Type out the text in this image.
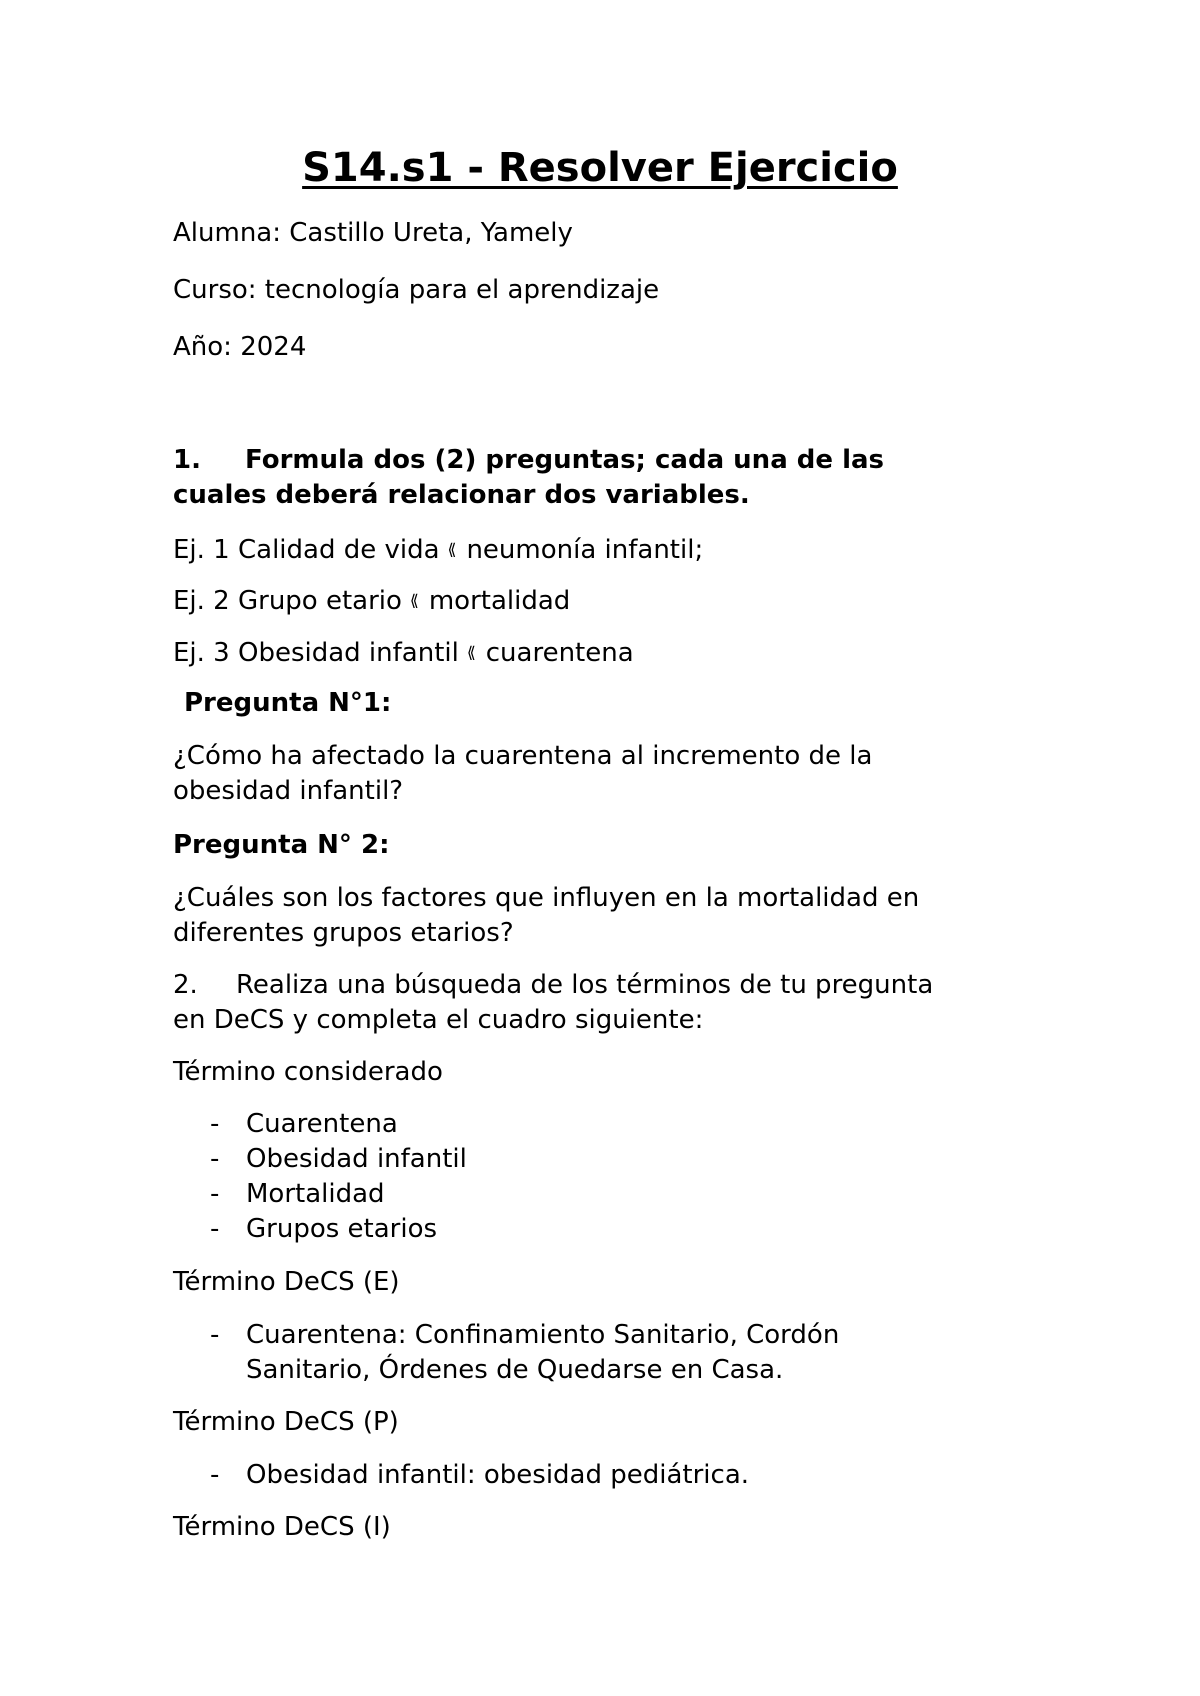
S14.s1 - Resolver Ejercicio

Alumna: Castillo Ureta, Yamely

Curso: tecnología para el aprendizaje

Año: 2024

1. Formula dos (2) preguntas; cada una de las

cuales deberá relacionar dos variables.

Ej. 1 Calidad de vida ⟪ neumonía infantil;

Ej. 2 Grupo etario ⟪ mortalidad

Ej. 3 Obesidad infantil ⟪ cuarentena

Pregunta N°1:

¿Cómo ha afectado la cuarentena al incremento de la

obesidad infantil?

Pregunta N° 2:

¿Cuáles son los factores que influyen en la mortalidad en

diferentes grupos etarios?

2. Realiza una búsqueda de los términos de tu pregunta

en DeCS y completa el cuadro siguiente:

Término considerado

- Cuarentena
- Obesidad infantil
- Mortalidad
- Grupos etarios

Término DeCS (E)

- Cuarentena: Confinamiento Sanitario, Cordón
Sanitario, Órdenes de Quedarse en Casa.

Término DeCS (P)

- Obesidad infantil: obesidad pediátrica.

Término DeCS (I)
